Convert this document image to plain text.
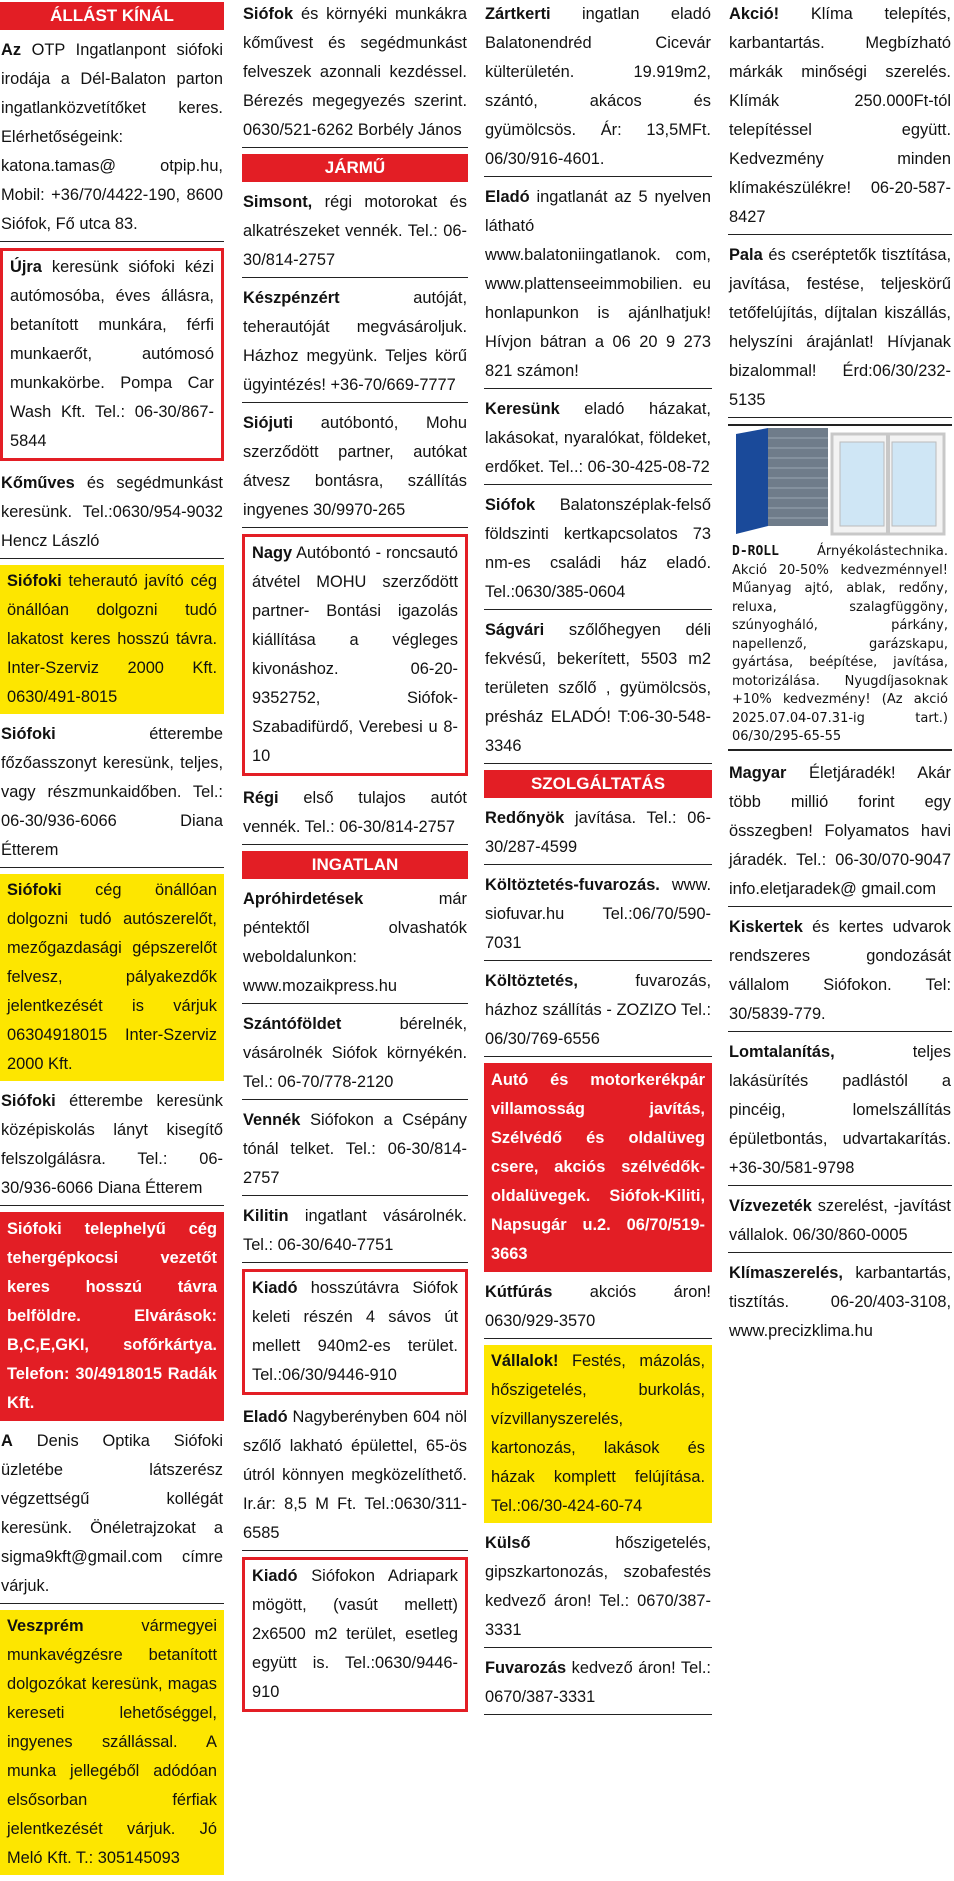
ÁLLÁST KÍNÁL
Az OTP Ingatlanpont siófoki irodája a Dél-Balaton parton ingatlanközvetítőket keres. Elérhetőségeink: katona.tamas@ otpip.hu, Mobil: +36/70/4422-190, 8600 Siófok, Fő utca 83.
Újra keresünk siófoki kézi autómosóba, éves állásra, betanított munkára, férfi munkaerőt, autómosó munkakörbe. Pompa Car Wash Kft. Tel.: 06-30/867-5844
Kőműves és segédmunkást keresünk. Tel.:0630/954-9032 Hencz László
Siófoki teherautó javító cég önállóan dolgozni tudó lakatost keres hosszú távra. Inter-Szerviz 2000 Kft. 0630/491-8015
Siófoki étterembe főzőasszonyt keresünk, teljes, vagy részmunkaidőben. Tel.: 06-30/936-6066 Diana Étterem
Siófoki cég önállóan dolgozni tudó autószerelőt, mezőgazdasági gépszerelőt felvesz, pályakezdők jelentkezését is várjuk 06304918015 Inter-Szerviz 2000 Kft.
Siófoki étterembe keresünk középiskolás lányt kisegítő felszolgálásra. Tel.: 06-30/936-6066 Diana Étterem
Siófoki telephelyű cég tehergépkocsi vezetőt keres hosszú távra belföldre. Elvárások: B,C,E,GKI, sofőrkártya. Telefon: 30/4918015 Radák Kft.
A Denis Optika Siófoki üzletébe látszerész végzettségű kollégát keresünk. Önéletrajzokat a sigma9kft@gmail.com címre várjuk.
Veszprém vármegyei munkavégzésre betanított dolgozókat keresünk, magas kereseti lehetőséggel, ingyenes szállással. A munka jellegéből adódóan elsősorban férfiak jelentkezését várjuk. Jó Meló Kft. T.: 305145093
Siófok és környéki munkákra kőművest és segédmunkást felveszek azonnali kezdéssel. Bérezés megegyezés szerint. 0630/521-6262 Borbély János
JÁRMŰ
Simsont, régi motorokat és alkatrészeket vennék. Tel.: 06-30/814-2757
Készpénzért autóját, teherautóját megvásároljuk. Házhoz megyünk. Teljes körű ügyintézés! +36-70/669-7777
Siójuti autóbontó, Mohu szerződött partner, autókat átvesz bontásra, szállítás ingyenes 30/9970-265
Nagy Autóbontó - roncsautó átvétel MOHU szerződött partner- Bontási igazolás kiállítása a végleges kivonáshoz. 06-20-9352752, Siófok-Szabadifürdő, Verebesi u 8-10
Régi első tulajos autót vennék. Tel.: 06-30/814-2757
INGATLAN
Apróhirdetések már péntektől olvashatók weboldalunkon: www.mozaikpress.hu
Szántóföldet bérelnék, vásárolnék Siófok környékén. Tel.: 06-70/778-2120
Vennék Siófokon a Csépány tónál telket. Tel.: 06-30/814-2757
Kilitin ingatlant vásárolnék. Tel.: 06-30/640-7751
Kiadó hosszútávra Siófok keleti részén 4 sávos út mellett 940m2-es terület. Tel.:06/30/9446-910
Eladó Nagyberényben 604 nöl szőlő lakható épülettel, 65-ös útról könnyen megközelíthető. Ir.ár: 8,5 M Ft. Tel.:0630/311-6585
Kiadó Siófokon Adriapark mögött, (vasút mellett) 2x6500 m2 terület, esetleg együtt is. Tel.:0630/9446-910
Zártkerti ingatlan eladó Balatonendréd Cicevár külterületén. 19.919m2, szántó, akácos és gyümölcsös. Ár: 13,5MFt. 06/30/916-4601.
Eladó ingatlanát az 5 nyelven látható www.balatoniingatlanok. com, www.plattenseeimmobilien. eu honlapunkon is ajánlhatjuk! Hívjon bátran a 06 20 9 273 821 számon!
Keresünk eladó házakat, lakásokat, nyaralókat, földeket, erdőket. Tel..: 06-30-425-08-72
Siófok Balatonszéplak-felső földszinti kertkapcsolatos 73 nm-es családi ház eladó. Tel.:0630/385-0604
Ságvári szőlőhegyen déli fekvésű, bekerített, 5503 m2 területen szőlő , gyümölcsös, présház ELADÓ! T:06-30-548-3346
SZOLGÁLTATÁS
Redőnyök javítása. Tel.: 06-30/287-4599
Költöztetés-fuvarozás. www. siofuvar.hu Tel.:06/70/590-7031
Költöztetés, fuvarozás, házhoz szállítás - ZOZIZO Tel.: 06/30/769-6556
Autó és motorkerékpár villamosság javítás, Szélvédő és oldalüveg csere, akciós szélvédők-oldalüvegek. Siófok-Kiliti, Napsugár u.2. 06/70/519-3663
Kútfúrás akciós áron! 0630/929-3570
Vállalok! Festés, mázolás, hőszigetelés, burkolás, vízvillanyszerelés, kartonozás, lakások és házak komplett felújítása. Tel.:06/30-424-60-74
Külső hőszigetelés, gipszkartonozás, szobafestés kedvező áron! Tel.: 0670/387-3331
Fuvarozás kedvező áron! Tel.: 0670/387-3331
Akció! Klíma telepítés, karbantartás. Megbízható márkák minőségi szerelés. Klímák 250.000Ft-tól telepítéssel együtt. Kedvezmény minden klímakészülékre! 06-20-587-8427
Pala és cseréptetők tisztítása, javítása, festése, teljeskörű tetőfelújítás, díjtalan kiszállás, helyszíni árajánlat! Hívjanak bizalommal! Érd:06/30/232-5135
D-ROLL Árnyékolástechnika. Akció 20-50% kedvezménnyel! Műanyag ajtó, ablak, redőny, reluxa, szalagfüggöny, szúnyogháló, párkány, napellenző, garázskapu, gyártása, beépítése, javítása, motorizálása. Nyugdíjasoknak +10% kedvezmény! (Az akció 2025.07.04-07.31-ig tart.) 06/30/295-65-55
Magyar Életjáradék! Akár több millió forint egy összegben! Folyamatos havi járadék. Tel.: 06-30/070-9047 info.eletjaradek@ gmail.com
Kiskertek és kertes udvarok rendszeres gondozását vállalom Siófokon. Tel: 30/5839-779.
Lomtalanítás, teljes lakásürítés padlástól a pincéig, lomelszállítás épületbontás, udvartakarítás. +36-30/581-9798
Vízvezeték szerelést, -javítást vállalok. 06/30/860-0005
Klímaszerelés, karbantartás, tisztítás. 06-20/403-3108, www.precizklima.hu
